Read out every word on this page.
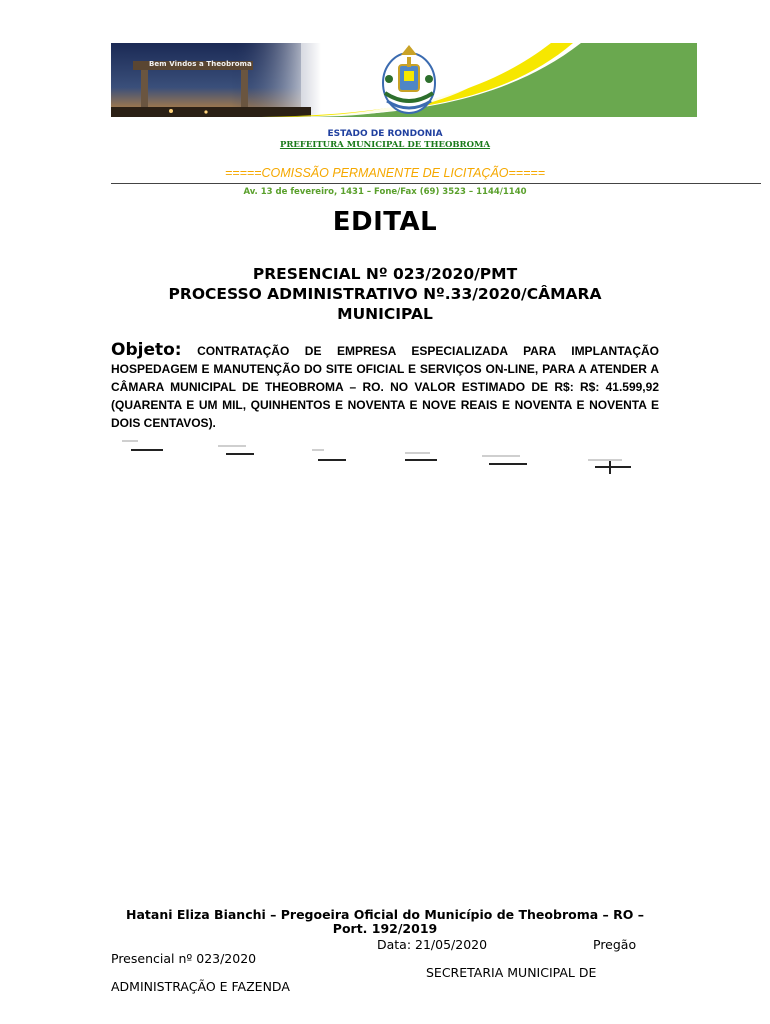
Bem Vindos a Theobroma
ESTADO DE RONDONIA
PREFEITURA MUNICIPAL DE THEOBROMA
=====COMISSÃO PERMANENTE DE LICITAÇÃO=====
Av. 13 de fevereiro, 1431 – Fone/Fax (69) 3523 – 1144/1140
EDITAL
PRESENCIAL Nº 023/2020/PMT
PROCESSO ADMINISTRATIVO Nº.33/2020/CÂMARA
MUNICIPAL
Objeto: CONTRATAÇÃO DE EMPRESA ESPECIALIZADA PARA IMPLANTAÇÃO HOSPEDAGEM E MANUTENÇÃO DO SITE OFICIAL E SERVIÇOS ON-LINE, PARA A ATENDER A CÂMARA MUNICIPAL DE THEOBROMA – RO. NO VALOR ESTIMADO DE R$: R$: 41.599,92 (QUARENTA E UM MIL, QUINHENTOS E NOVENTA E NOVE REAIS E NOVENTA E NOVENTA E DOIS CENTAVOS).
Hatani Eliza Bianchi – Pregoeira Oficial do Município de Theobroma – RO –
Port. 192/2019
Data: 21/05/2020	Pregão
Presencial nº 023/2020
SECRETARIA MUNICIPAL DE
ADMINISTRAÇÃO E FAZENDA
